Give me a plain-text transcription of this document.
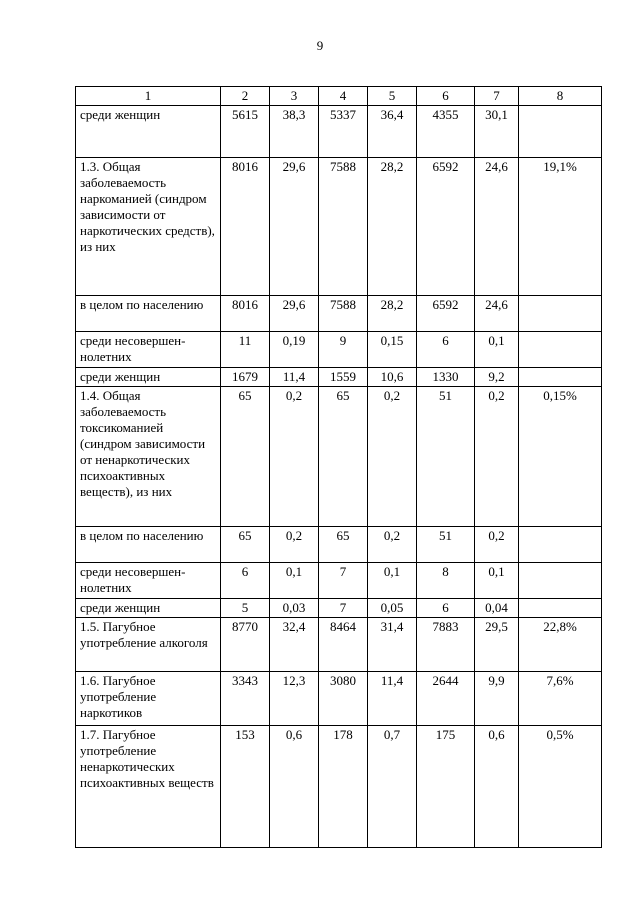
9
1	2	3	4	5	6	7	8
среди женщин	5615	38,3	5337	36,4	4355	30,1	
1.3. Общая заболеваемость наркоманией (синдром зависимости от наркотических средств), из них	8016	29,6	7588	28,2	6592	24,6	19,1%
в целом по населению	8016	29,6	7588	28,2	6592	24,6	
среди несовершен-нолетних	11	0,19	9	0,15	6	0,1	
среди женщин	1679	11,4	1559	10,6	1330	9,2	
1.4. Общая заболеваемость токсикоманией (синдром зависимости от ненаркотических психоактивных веществ), из них	65	0,2	65	0,2	51	0,2	0,15%
в целом по населению	65	0,2	65	0,2	51	0,2	
среди несовершен-нолетних	6	0,1	7	0,1	8	0,1	
среди женщин	5	0,03	7	0,05	6	0,04	
1.5. Пагубное употребление алкоголя	8770	32,4	8464	31,4	7883	29,5	22,8%
1.6. Пагубное употребление наркотиков	3343	12,3	3080	11,4	2644	9,9	7,6%
1.7. Пагубное употребление ненаркотических психоактивных веществ	153	0,6	178	0,7	175	0,6	0,5%
